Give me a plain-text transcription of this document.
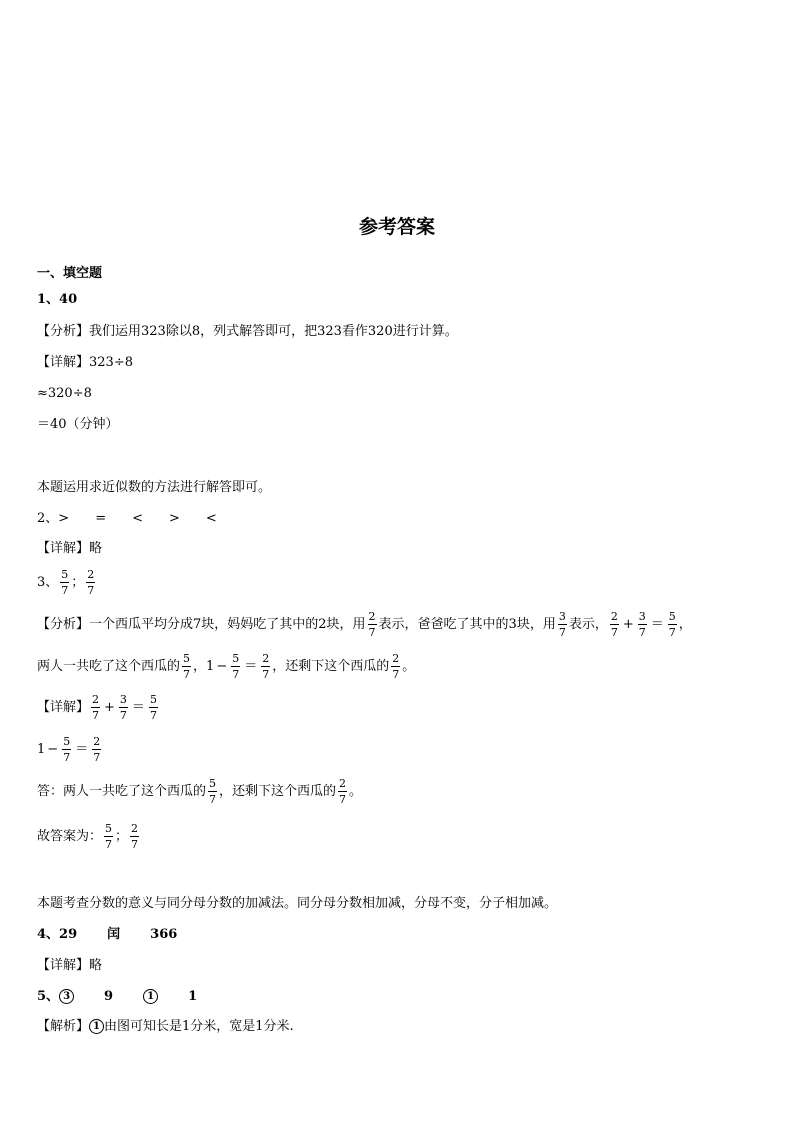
参考答案
一、填空题
1、40
【分析】我们运用323除以8，列式解答即可，把323看作320进行计算。
【详解】323÷8
≈320÷8
＝40（分钟）
本题运用求近似数的方法进行解答即可。
2、> = < > <
【详解】略
3、 $\frac{5}{7}$ ； $\frac{2}{7}$
【分析】一个西瓜平均分成7块，妈妈吃了其中的2块，用 $\frac{2}{7}$ 表示，爸爸吃了其中的3块，用 $\frac{3}{7}$ 表示， $\frac{2}{7} + \frac{3}{7} = \frac{5}{7}$ ，
两人一共吃了这个西瓜的 $\frac{5}{7}$ ，$1 - \frac{5}{7} = \frac{2}{7}$ ，还剩下这个西瓜的 $\frac{2}{7}$ 。
【详解】 $\frac{2}{7} + \frac{3}{7} = \frac{5}{7}$
$1 - \frac{5}{7} = \frac{2}{7}$
答：两人一共吃了这个西瓜的 $\frac{5}{7}$ ，还剩下这个西瓜的 $\frac{2}{7}$ 。
故答案为： $\frac{5}{7}$ ； $\frac{2}{7}$
本题考查分数的意义与同分母分数的加减法。同分母分数相加减，分母不变，分子相加减。
4、29 闰 366
【详解】略
5、 3	9	1	1
【解析】 1 由图可知长是1分米，宽是1分米.
